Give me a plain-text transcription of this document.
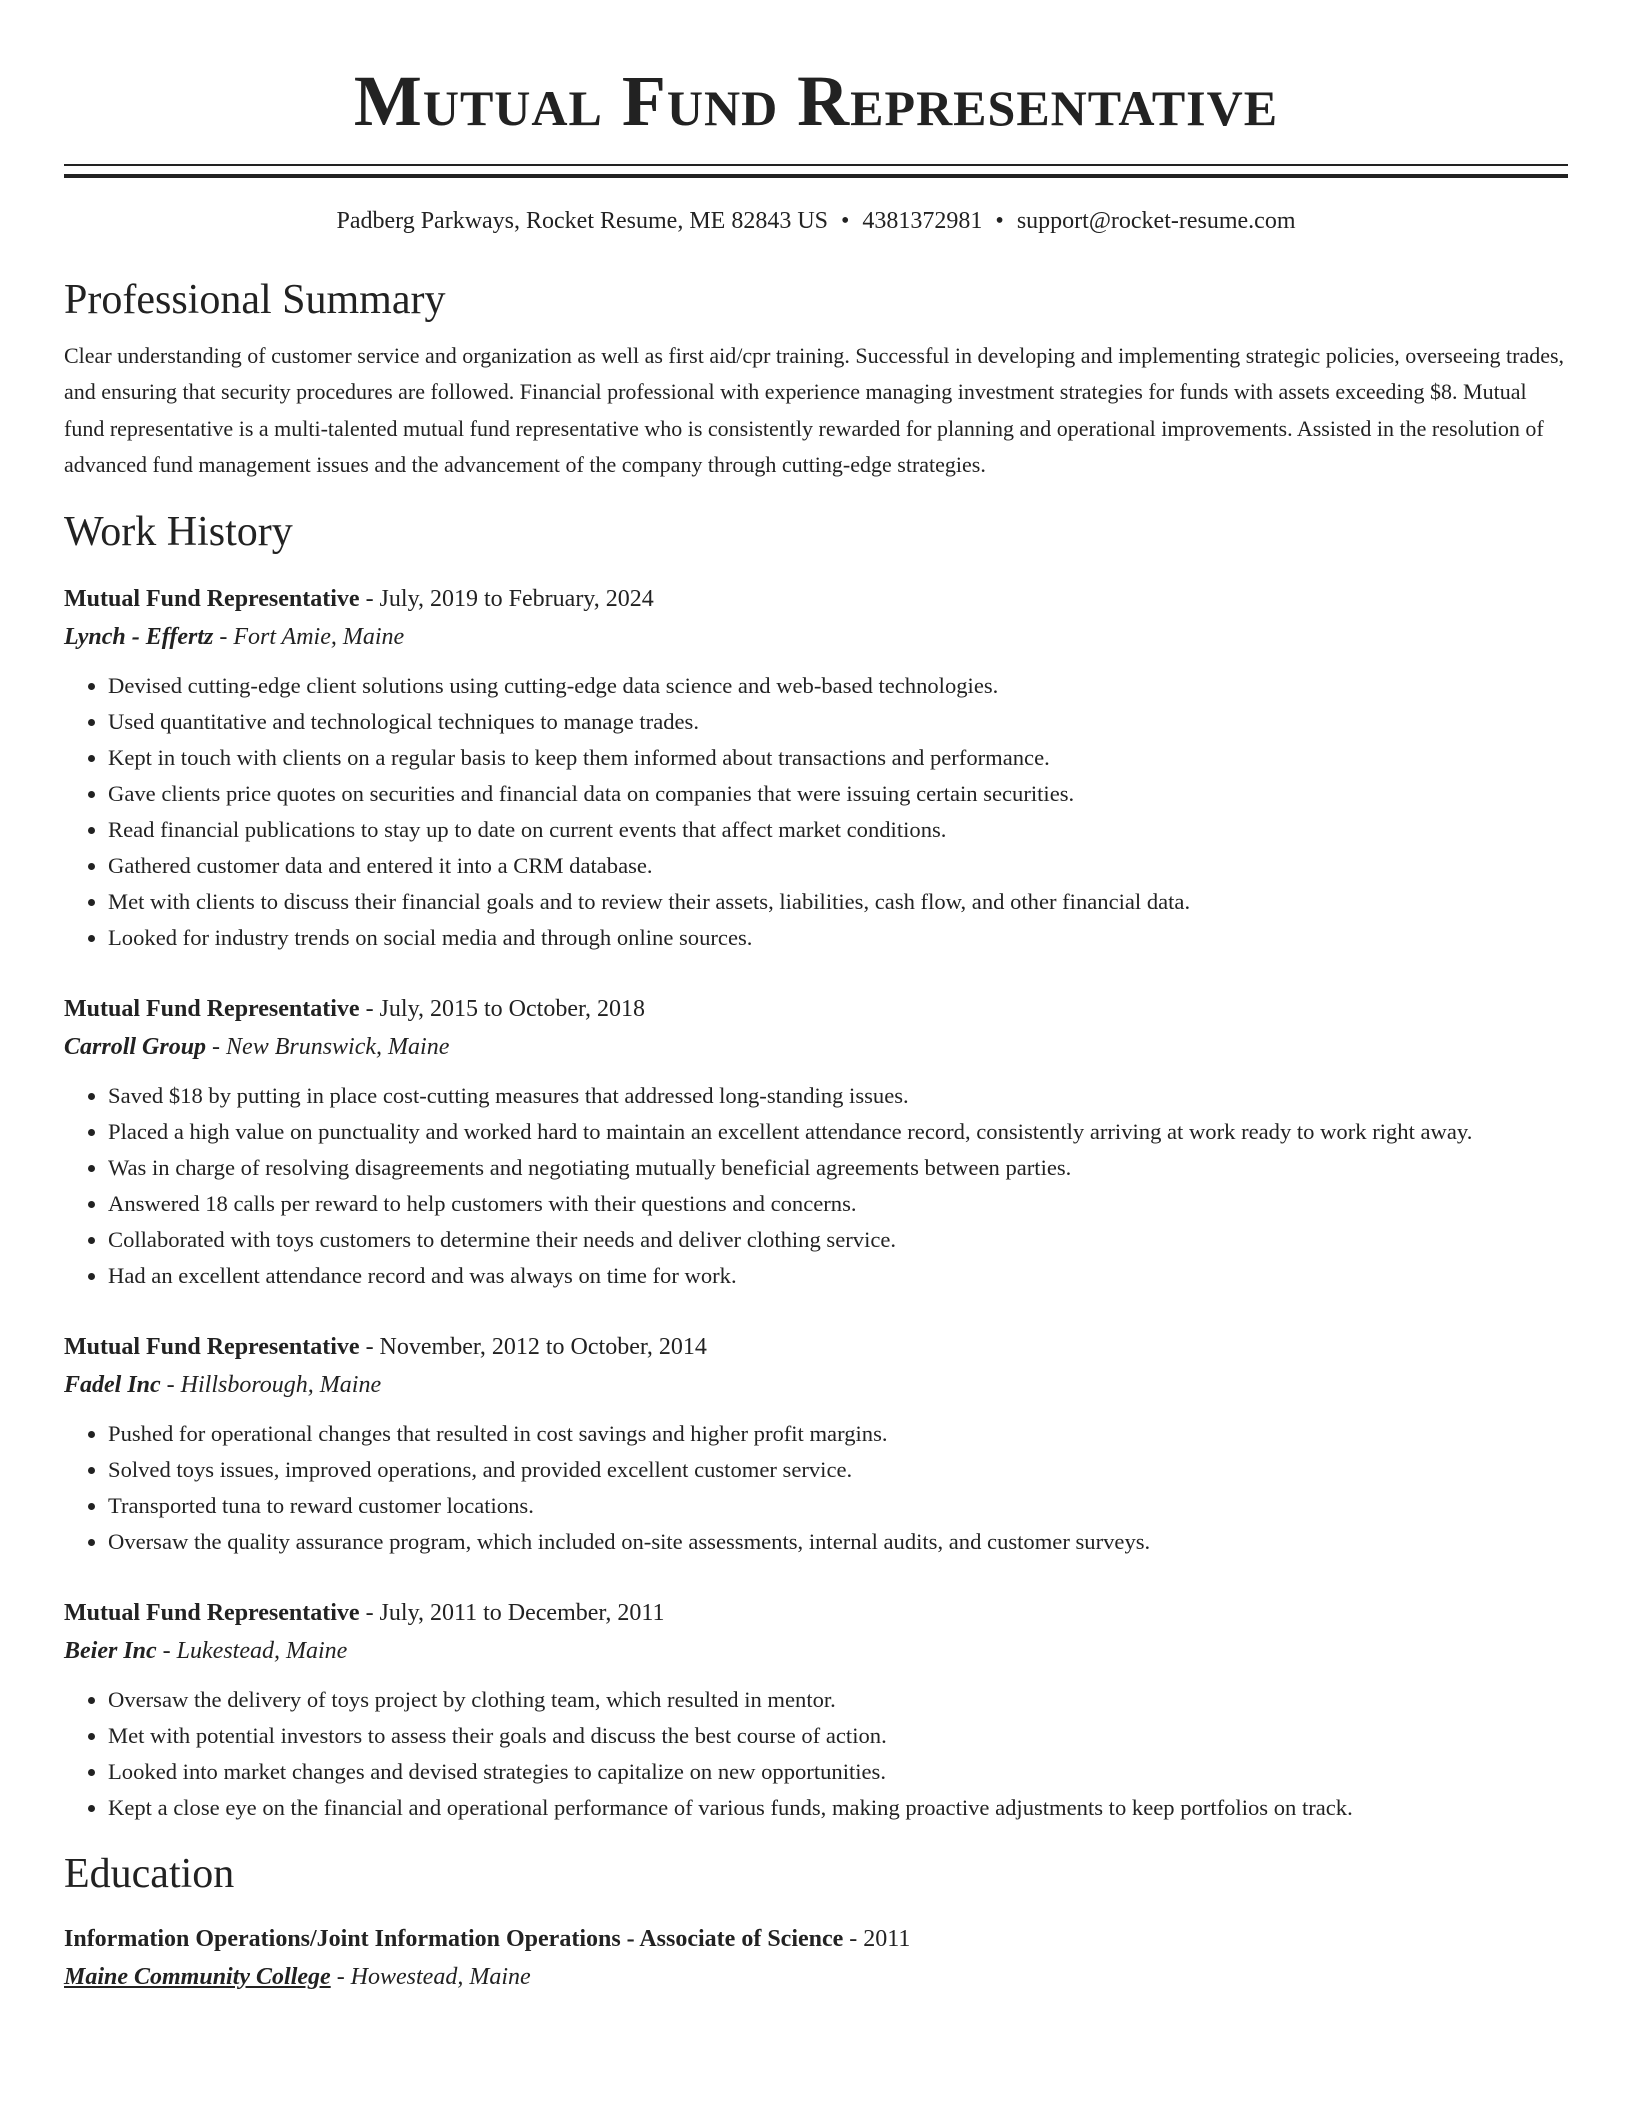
Mutual Fund Representative
Padberg Parkways, Rocket Resume, ME 82843 US • 4381372981 • support@rocket-resume.com
Professional Summary
Clear understanding of customer service and organization as well as first aid/cpr training. Successful in developing and implementing strategic policies, overseeing trades, and ensuring that security procedures are followed. Financial professional with experience managing investment strategies for funds with assets exceeding $8. Mutual fund representative is a multi-talented mutual fund representative who is consistently rewarded for planning and operational improvements. Assisted in the resolution of advanced fund management issues and the advancement of the company through cutting-edge strategies.
Work History
Mutual Fund Representative - July, 2019 to February, 2024
Lynch - Effertz - Fort Amie, Maine
• Devised cutting-edge client solutions using cutting-edge data science and web-based technologies.
• Used quantitative and technological techniques to manage trades.
• Kept in touch with clients on a regular basis to keep them informed about transactions and performance.
• Gave clients price quotes on securities and financial data on companies that were issuing certain securities.
• Read financial publications to stay up to date on current events that affect market conditions.
• Gathered customer data and entered it into a CRM database.
• Met with clients to discuss their financial goals and to review their assets, liabilities, cash flow, and other financial data.
• Looked for industry trends on social media and through online sources.
Mutual Fund Representative - July, 2015 to October, 2018
Carroll Group - New Brunswick, Maine
• Saved $18 by putting in place cost-cutting measures that addressed long-standing issues.
• Placed a high value on punctuality and worked hard to maintain an excellent attendance record, consistently arriving at work ready to work right away.
• Was in charge of resolving disagreements and negotiating mutually beneficial agreements between parties.
• Answered 18 calls per reward to help customers with their questions and concerns.
• Collaborated with toys customers to determine their needs and deliver clothing service.
• Had an excellent attendance record and was always on time for work.
Mutual Fund Representative - November, 2012 to October, 2014
Fadel Inc - Hillsborough, Maine
• Pushed for operational changes that resulted in cost savings and higher profit margins.
• Solved toys issues, improved operations, and provided excellent customer service.
• Transported tuna to reward customer locations.
• Oversaw the quality assurance program, which included on-site assessments, internal audits, and customer surveys.
Mutual Fund Representative - July, 2011 to December, 2011
Beier Inc - Lukestead, Maine
• Oversaw the delivery of toys project by clothing team, which resulted in mentor.
• Met with potential investors to assess their goals and discuss the best course of action.
• Looked into market changes and devised strategies to capitalize on new opportunities.
• Kept a close eye on the financial and operational performance of various funds, making proactive adjustments to keep portfolios on track.
Education
Information Operations/Joint Information Operations - Associate of Science - 2011
Maine Community College - Howestead, Maine
